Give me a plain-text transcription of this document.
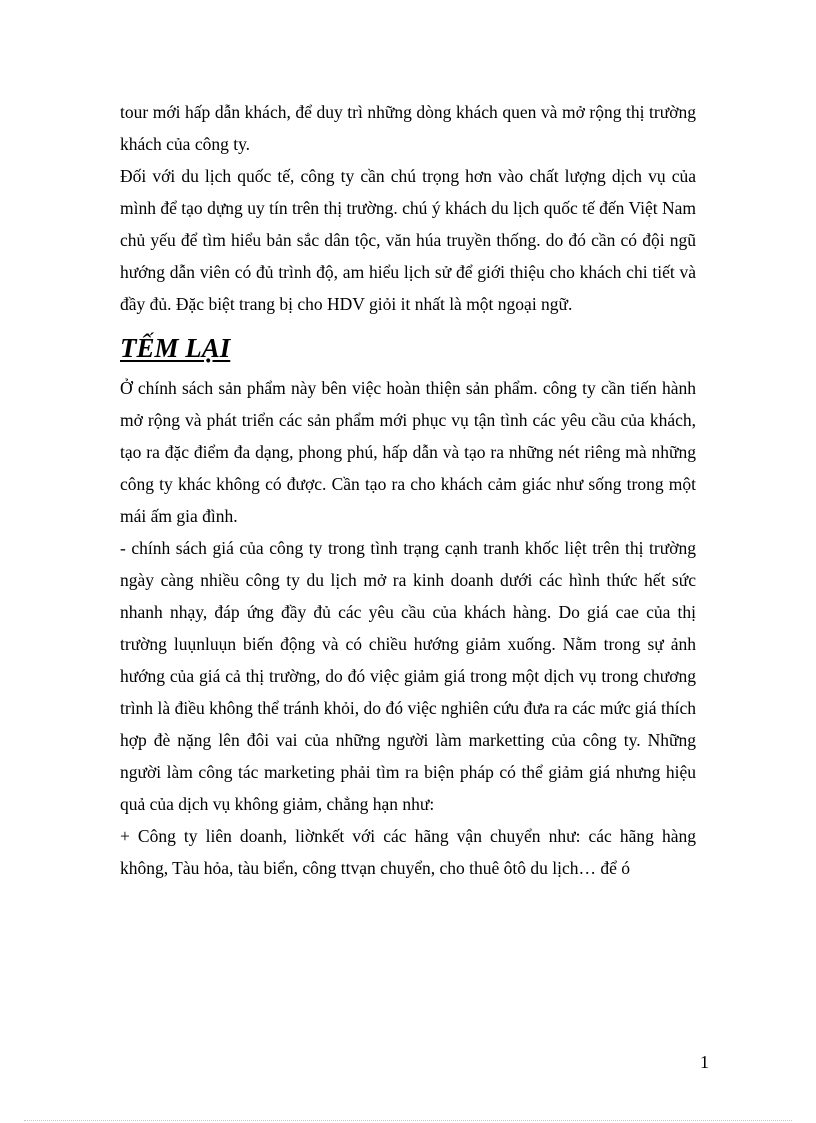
tour mới hấp dẫn khách, để duy trì những dòng khách quen và mở rộng thị trường khách của công ty.

Đối với du lịch quốc tế, công ty cần chú trọng hơn vào chất lượng dịch vụ của mình để tạo dựng uy tín trên thị trường. chú ý khách du lịch quốc tế đến Việt Nam chủ yếu để tìm hiểu bản sắc dân tộc, văn húa truyền thống. do đó cần có đội ngũ hướng dẫn viên có đủ trình độ, am hiểu lịch sử để giới thiệu cho khách chi tiết và đầy đủ. Đặc biệt trang bị cho HDV giỏi it nhất là một ngoại ngữ.

TẾM LẠI

Ở chính sách sản phẩm này bên việc hoàn thiện sản phẩm. công ty cần tiến hành mở rộng và phát triển các sản phẩm mới phục vụ tận tình các yêu cầu của khách, tạo ra đặc điểm đa dạng, phong phú, hấp dẫn và tạo ra những nét riêng mà những công ty khác không có được. Cần tạo ra cho khách cảm giác như sống trong một mái ấm gia đình.

- chính sách giá của công ty trong tình trạng cạnh tranh khốc liệt trên thị trường ngày càng nhiều công ty du lịch mở ra kinh doanh dưới các hình thức hết sức nhanh nhạy, đáp ứng đầy đủ các yêu cầu của khách hàng. Do giá cae của thị trường luụnluụn biến động và có chiều hướng giảm xuống. Nằm trong sự ảnh hướng của giá cả thị trường, do đó việc giảm giá trong một dịch vụ trong chương trình là điều không thể tránh khỏi, do đó việc nghiên cứu đưa ra các mức giá thích hợp đè nặng lên đôi vai của những người làm marketting của công ty. Những người làm công tác marketing phải tìm ra biện pháp có thể giảm giá nhưng hiệu quả của dịch vụ không giảm, chẳng hạn như:

+ Công ty liên doanh, liờnkết với các hãng vận chuyển như: các hãng hàng không, Tàu hỏa, tàu biển, công ttvạn chuyển, cho thuê ôtô du lịch… để ó

1
